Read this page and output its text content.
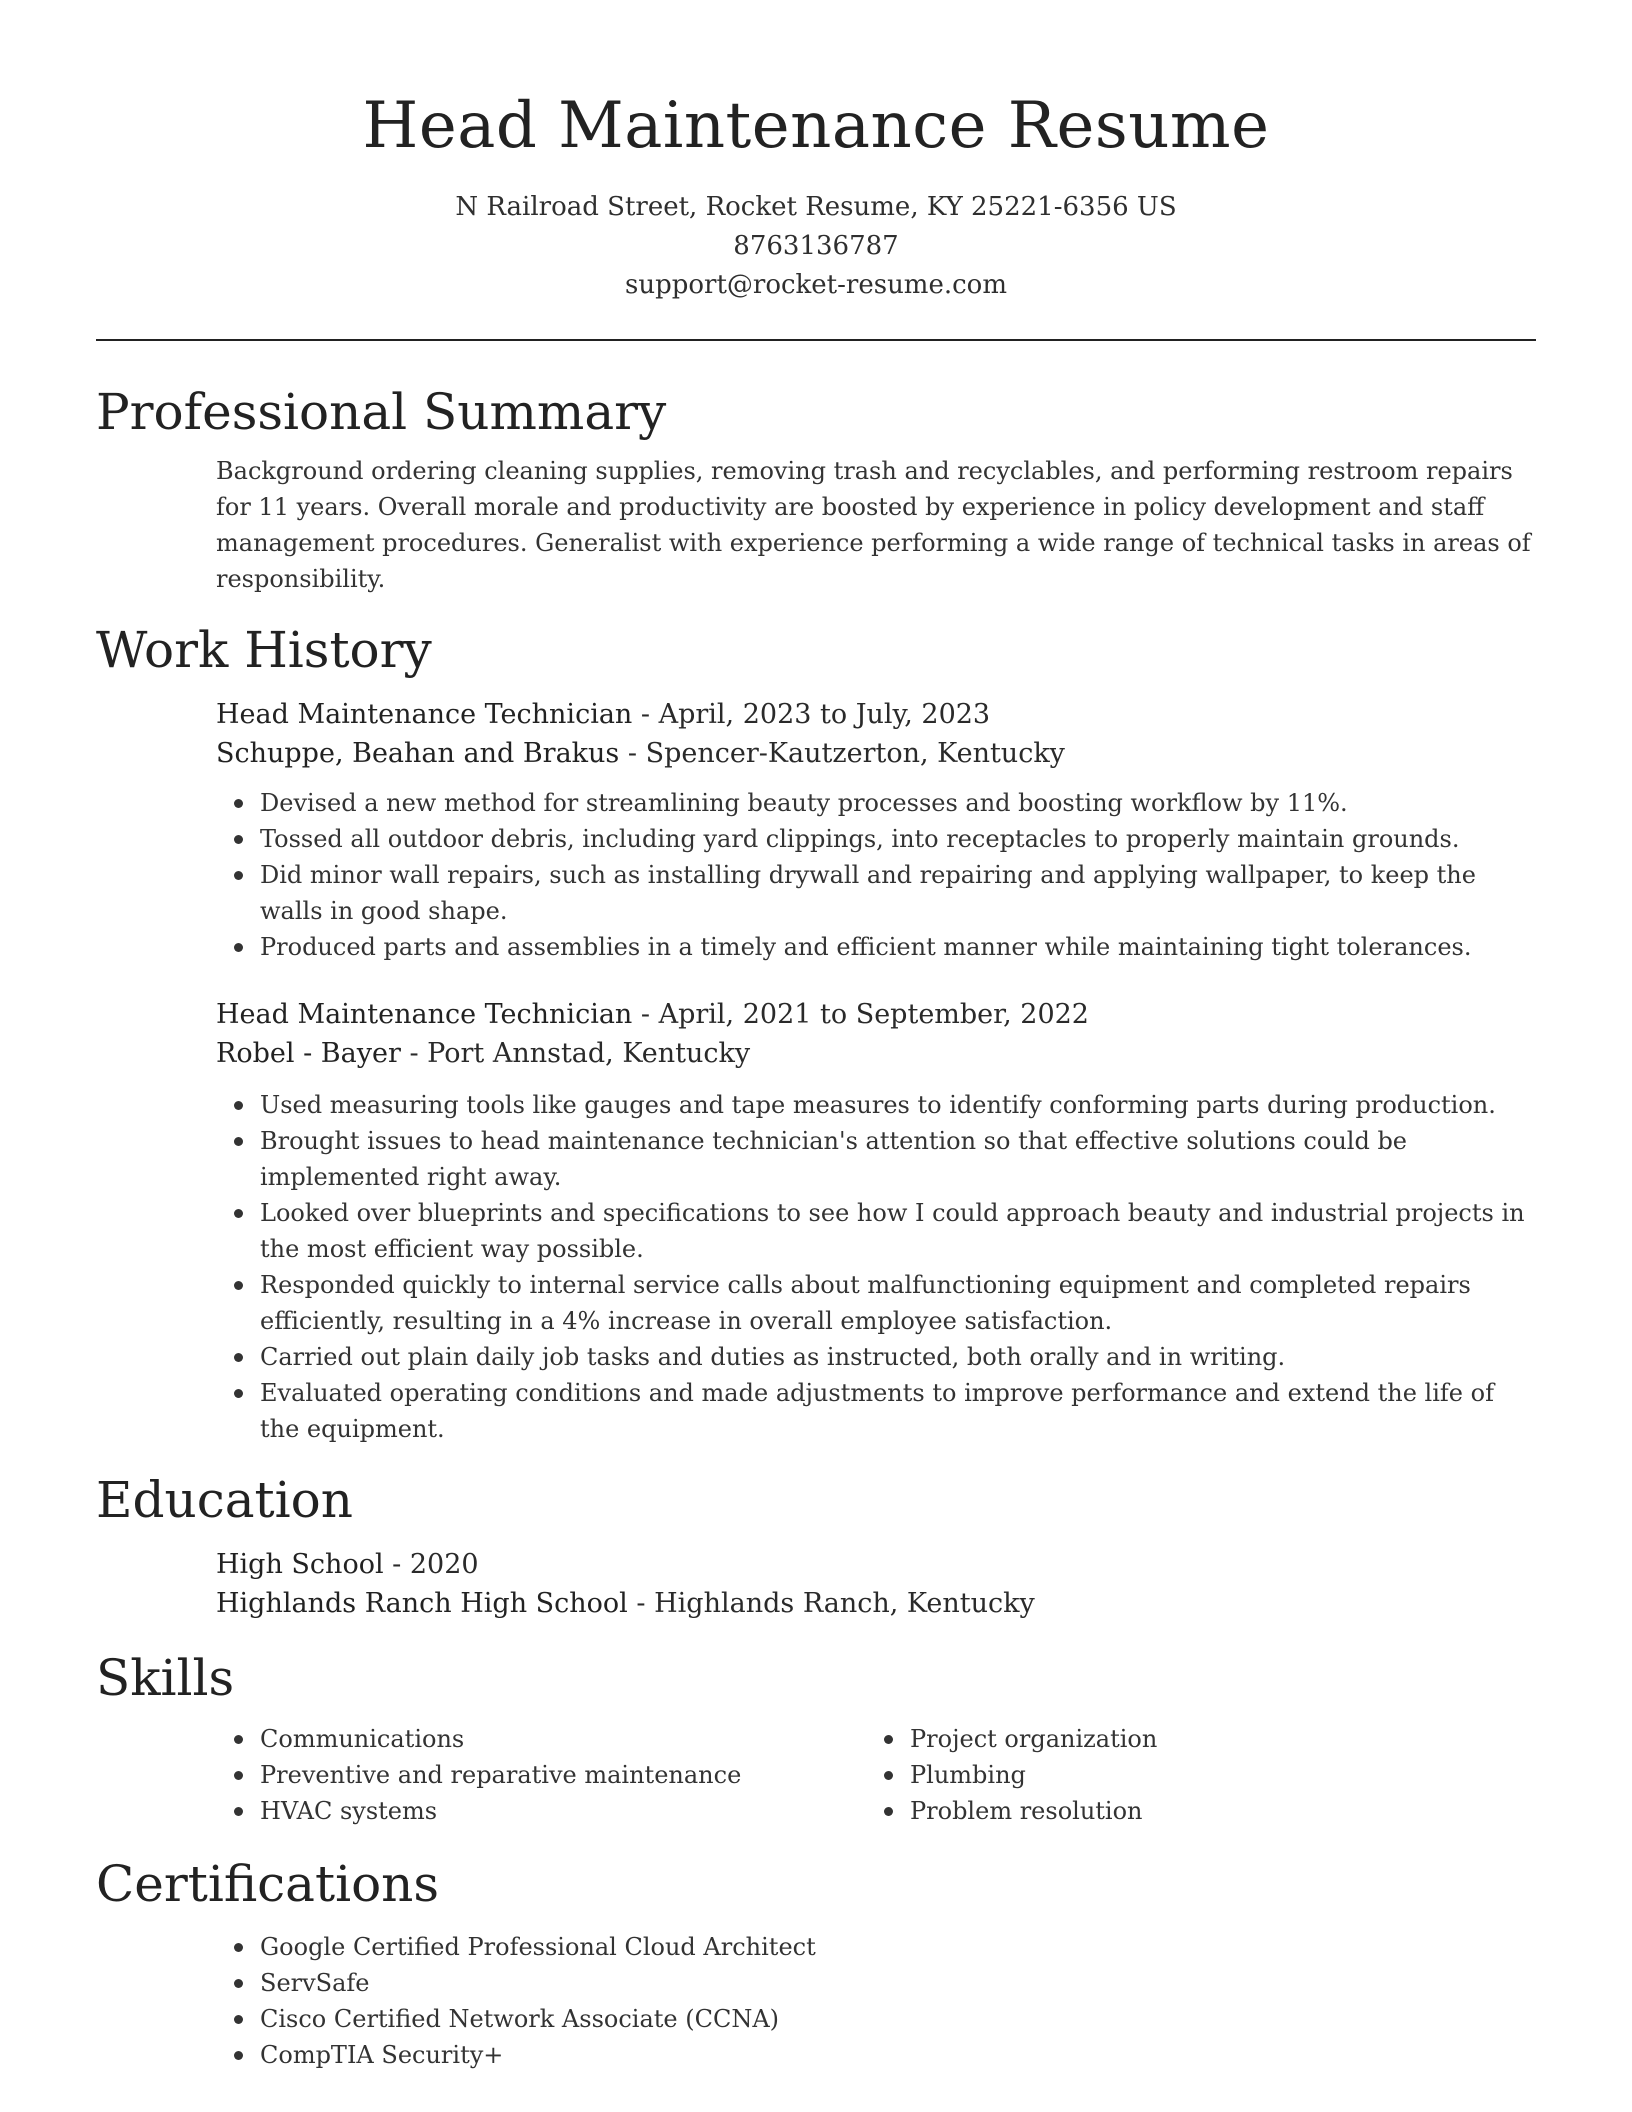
Head Maintenance Resume
N Railroad Street, Rocket Resume, KY 25221-6356 US
8763136787
support@rocket-resume.com
Professional Summary

Background ordering cleaning supplies, removing trash and recyclables, and performing restroom repairs for 11 years. Overall morale and productivity are boosted by experience in policy development and staff management procedures. Generalist with experience performing a wide range of technical tasks in areas of responsibility.

Work History

Head Maintenance Technician - April, 2023 to July, 2023

Schuppe, Beahan and Brakus - Spencer-Kautzerton, Kentucky

Devised a new method for streamlining beauty processes and boosting workflow by 11%.
Tossed all outdoor debris, including yard clippings, into receptacles to properly maintain grounds.
Did minor wall repairs, such as installing drywall and repairing and applying wallpaper, to keep the walls in good shape.
Produced parts and assemblies in a timely and efficient manner while maintaining tight tolerances.

Head Maintenance Technician - April, 2021 to September, 2022

Robel - Bayer - Port Annstad, Kentucky

Used measuring tools like gauges and tape measures to identify conforming parts during production.
Brought issues to head maintenance technician's attention so that effective solutions could be implemented right away.
Looked over blueprints and specifications to see how I could approach beauty and industrial projects in the most efficient way possible.
Responded quickly to internal service calls about malfunctioning equipment and completed repairs efficiently, resulting in a 4% increase in overall employee satisfaction.
Carried out plain daily job tasks and duties as instructed, both orally and in writing.
Evaluated operating conditions and made adjustments to improve performance and extend the life of the equipment.
Education

High School - 2020

Highlands Ranch High School - Highlands Ranch, Kentucky

Skills
Communications
Preventive and reparative maintenance
HVAC systems
Project organization
Plumbing
Problem resolution
Certifications
Google Certified Professional Cloud Architect
ServSafe
Cisco Certified Network Associate (CCNA)
CompTIA Security+
